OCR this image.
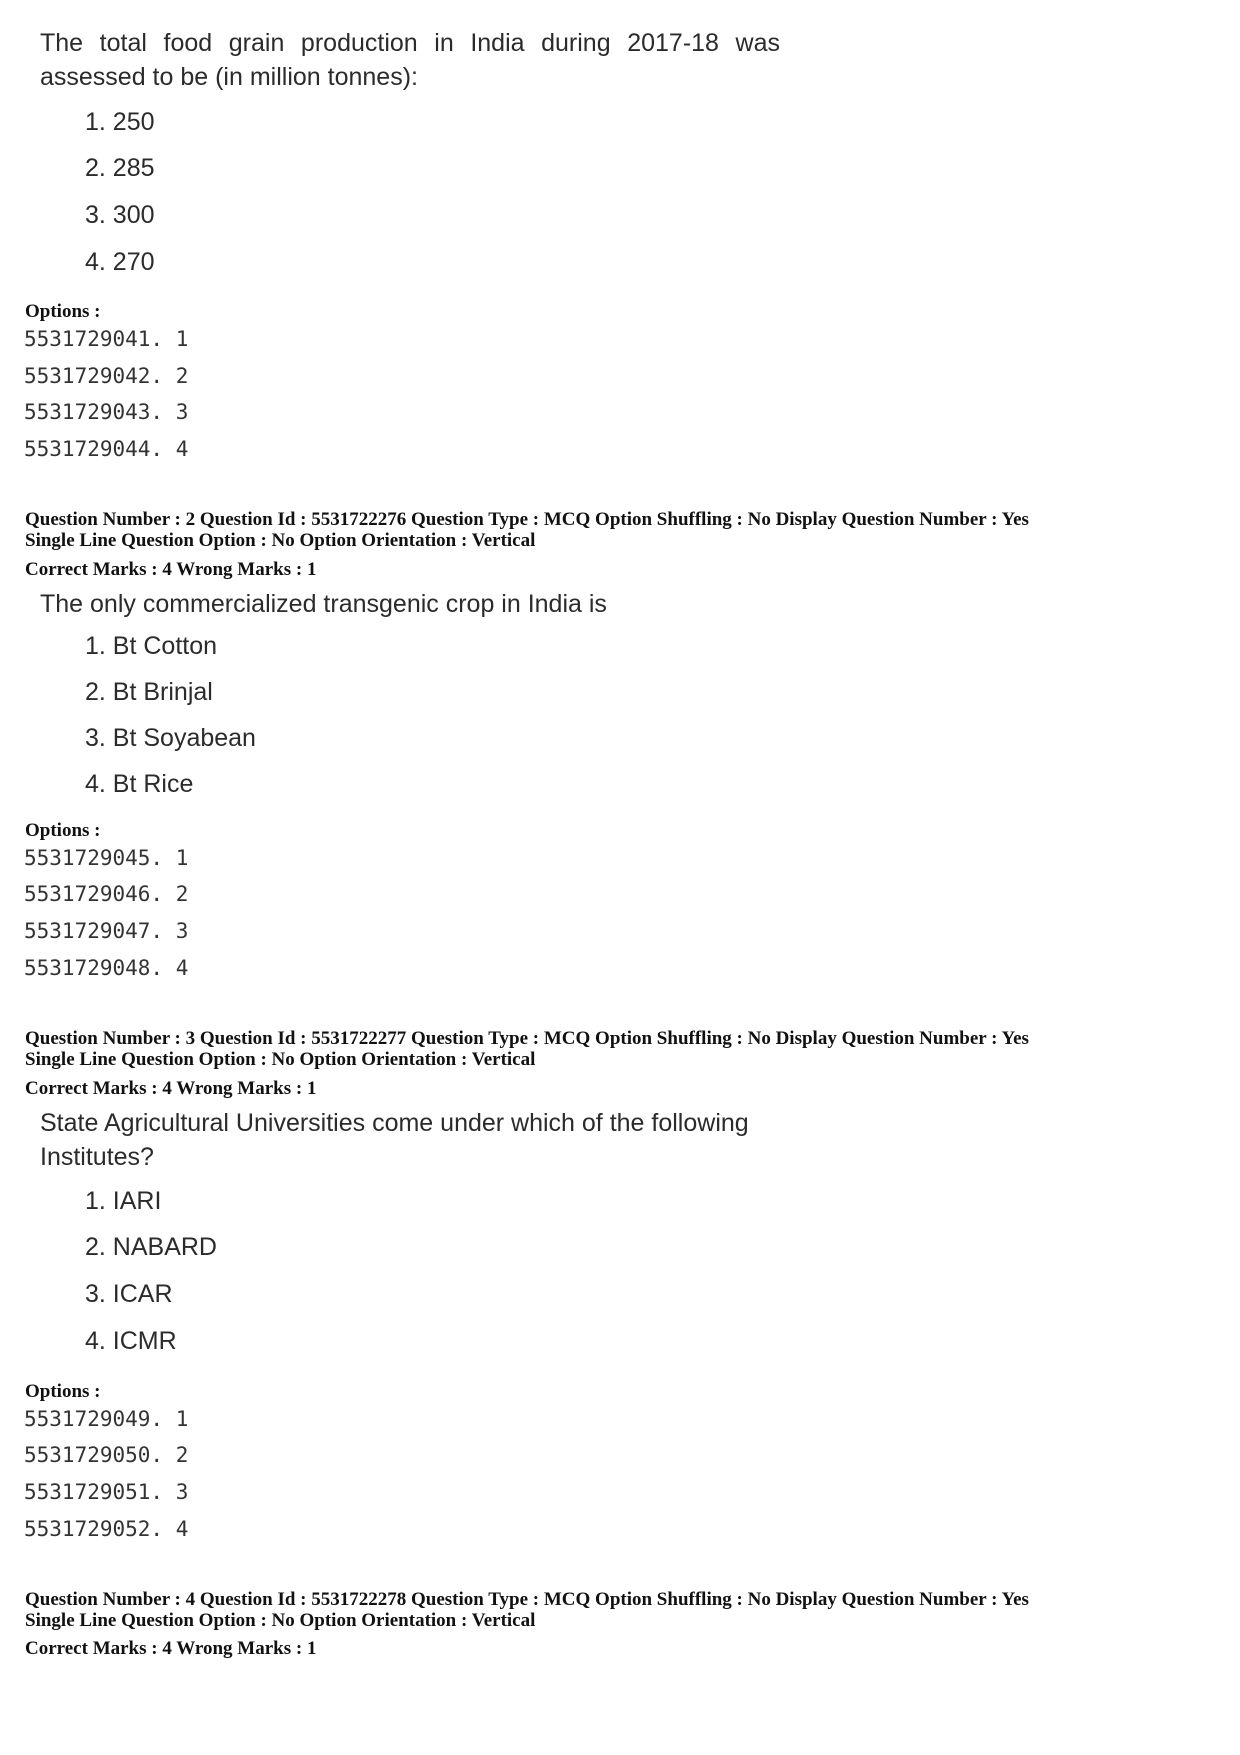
The total food grain production in India during 2017-18 was assessed to be (in million tonnes):
1. 250
2. 285
3. 300
4. 270
Options :
5531729041. 1
5531729042. 2
5531729043. 3
5531729044. 4
Question Number : 2 Question Id : 5531722276 Question Type : MCQ Option Shuffling : No Display Question Number : Yes
Single Line Question Option : No Option Orientation : Vertical
Correct Marks : 4 Wrong Marks : 1
The only commercialized transgenic crop in India is
1. Bt Cotton
2. Bt Brinjal
3. Bt Soyabean
4. Bt Rice
Options :
5531729045. 1
5531729046. 2
5531729047. 3
5531729048. 4
Question Number : 3 Question Id : 5531722277 Question Type : MCQ Option Shuffling : No Display Question Number : Yes
Single Line Question Option : No Option Orientation : Vertical
Correct Marks : 4 Wrong Marks : 1
State Agricultural Universities come under which of the following
Institutes?
1. IARI
2. NABARD
3. ICAR
4. ICMR
Options :
5531729049. 1
5531729050. 2
5531729051. 3
5531729052. 4
Question Number : 4 Question Id : 5531722278 Question Type : MCQ Option Shuffling : No Display Question Number : Yes
Single Line Question Option : No Option Orientation : Vertical
Correct Marks : 4 Wrong Marks : 1
